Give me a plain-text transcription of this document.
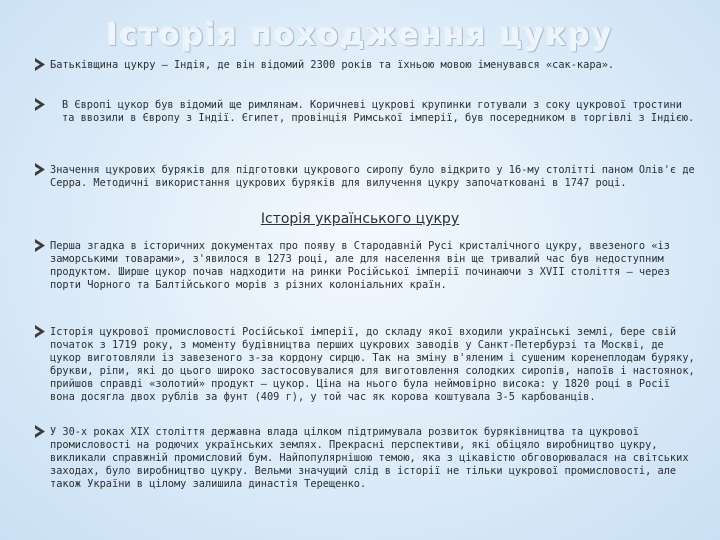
Історія походження цукру
Батьківщина цукру — Індія, де він відомий 2300 років та їхньою мовою іменувався «сак-кара».
В Європі цукор був відомий ще римлянам. Коричневі цукрові крупинки готували з соку цукрової тростини та ввозили в Європу з Індії. Єгипет, провінція Римської імперії, був посередником в торгівлі з Індією.
Значення цукрових буряків для підготовки цукрового сиропу було відкрито у 16-му столітті паном Олів'є де Серра. Методичні використання цукрових буряків для вилучення цукру започатковані в 1747 році.
Історія українського цукру
Перша згадка в історичних документах про появу в Стародавній Русі кристалічного цукру, ввезеного «із заморськими товарами», з'явилося в 1273 році, але для населення він ще тривалий час був недоступним продуктом. Ширше цукор почав надходити на ринки Російської імперії починаючи з XVII століття — через порти Чорного та Балтійського морів з різних колоніальних країн.
Історія цукрової промисловості Російської імперії, до складу якої входили українські землі, бере свій початок з 1719 року, з моменту будівництва перших цукрових заводів у Санкт-Петербурзі та Москві, де цукор виготовляли із завезеного з-за кордону сирцю. Так на зміну в'яленим і сушеним коренеплодам буряку, брукви, ріпи, які до цього широко застосовувалися для виготовлення солодких сиропів, напоїв і настоянок, прийшов справді «золотий» продукт — цукор. Ціна на нього була неймовірно висока: у 1820 році в Росії вона досягла двох рублів за фунт (409 г), у той час як корова коштувала 3-5 карбованців.
У 30-х роках XIX століття державна влада цілком підтримувала розвиток буряківництва та цукрової промисловості на родючих українських землях. Прекрасні перспективи, які обіцяло виробництво цукру, викликали справжній промисловий бум. Найпопулярнішою темою, яка з цікавістю обговорювалася на світських заходах, було виробництво цукру. Вельми значущий слід в історії не тільки цукрової промисловості, але також України в цілому залишила династія Терещенко.
